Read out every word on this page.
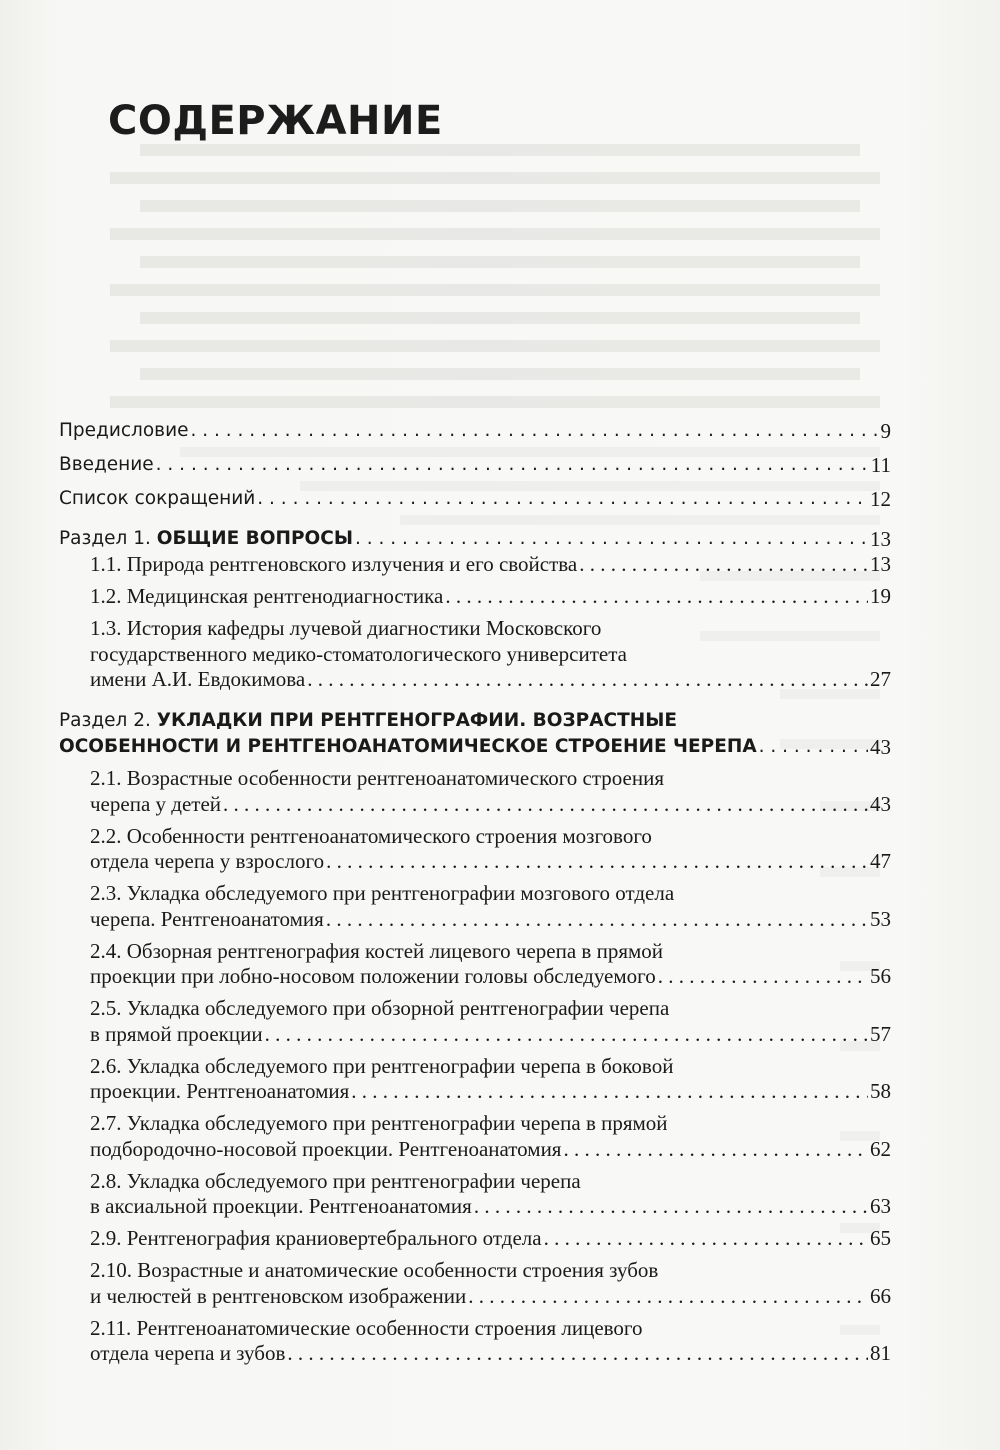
СОДЕРЖАНИЕ
Предисловие . . .	9
Введение . . .	11
Список сокращений . . .	12
Раздел 1. ОБЩИЕ ВОПРОСЫ . . .	13
1.1. Природа рентгеновского излучения и его свойства . . .	13
1.2. Медицинская рентгенодиагностика . . .	19
1.3. История кафедры лучевой диагностики Московского
государственного медико-стоматологического университета
имени А.И. Евдокимова . . .	27
Раздел 2. УКЛАДКИ ПРИ РЕНТГЕНОГРАФИИ. ВОЗРАСТНЫЕ
ОСОБЕННОСТИ И РЕНТГЕНОАНАТОМИЧЕСКОЕ СТРОЕНИЕ ЧЕРЕПА . . .	43
2.1. Возрастные особенности рентгеноанатомического строения
черепа у детей . . .	43
2.2. Особенности рентгеноанатомического строения мозгового
отдела черепа у взрослого . . .	47
2.3. Укладка обследуемого при рентгенографии мозгового отдела
черепа. Рентгеноанатомия . . .	53
2.4. Обзорная рентгенография костей лицевого черепа в прямой
проекции при лобно-носовом положении головы обследуемого . . .	56
2.5. Укладка обследуемого при обзорной рентгенографии черепа
в прямой проекции . . .	57
2.6. Укладка обследуемого при рентгенографии черепа в боковой
проекции. Рентгеноанатомия . . .	58
2.7. Укладка обследуемого при рентгенографии черепа в прямой
подбородочно-носовой проекции. Рентгеноанатомия . . .	62
2.8. Укладка обследуемого при рентгенографии черепа
в аксиальной проекции. Рентгеноанатомия . . .	63
2.9. Рентгенография краниовертебрального отдела . . .	65
2.10. Возрастные и анатомические особенности строения зубов
и челюстей в рентгеновском изображении . . .	66
2.11. Рентгеноанатомические особенности строения лицевого
отдела черепа и зубов . . .	81
